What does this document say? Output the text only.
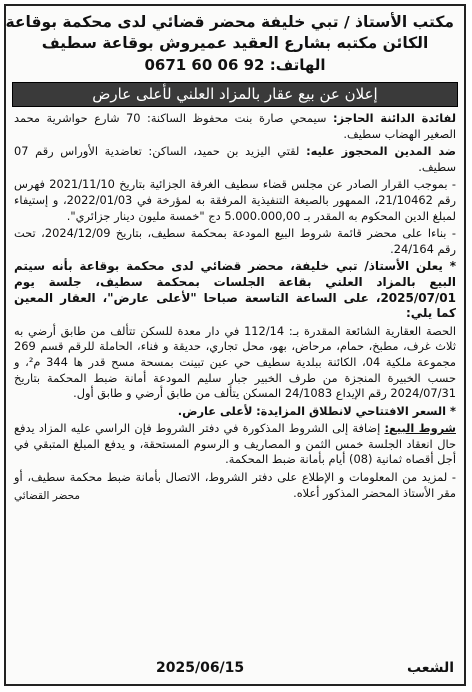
مكتب الأستاذ / تبي خليفة محضر قضائي لدى محكمة بوقاعة
الكائن مكتبه بشارع العقيد عميروش بوقاعة سطيف
الهاتف: 0671 60 06 92
إعلان عن بيع عقار بالمزاد العلني لأعلى عارض

لفائدة الدائنة الحاجز: سيمحي صارة بنت محفوظ الساكنة: 70 شارع حواشرية محمد الصغير الهضاب سطيف.

ضد المدين المحجوز عليه: لقتي اليزيد بن حميد، الساكن: تعاضدية الأوراس رقم 07 سطيف.

- بموجب القرار الصادر عن مجلس قضاء سطيف الغرفة الجزائية بتاريخ 2021/11/10 فهرس رقم 21/10462، الممهور بالصيغة التنفيذية المرفقة به لمؤرخة في 2022/01/03، و إستيفاء لمبلغ الدين المحكوم به المقدر بـ 5.000.000,00 دج "خمسة مليون دينار جزائري".

- بناءا على محضر قائمة شروط البيع المودعة بمحكمة سطيف، بتاريخ 2024/12/09، تحت رقم 24/164.

* يعلن الأستاذ/ تبي خليفة، محضر قضائي لدى محكمة بوقاعة بأنه سيتم البيع بالمزاد العلني بقاعة الجلسات بمحكمة سطيف، جلسة يوم 2025/07/01، على الساعة التاسعة صباحا "لأعلى عارض"، العقار المعين كما يلي:

الحصة العقارية الشائعة المقدرة بـ: 112/14 في دار معدة للسكن تتألف من طابق أرضي به ثلاث غرف، مطبخ، حمام، مرحاض، بهو، محل تجاري، حديقة و فناء، الحاملة للرقم قسم 269 مجموعة ملكية 04، الكائنة ببلدية سطيف حي عين تبينت بمسحة مسح قدر ها 344 م²، و حسب الخبيرة المنجزة من طرف الخبير جبار سليم المودعة أمانة ضبط المحكمة بتاريخ 2024/07/31 رقم الإيداع 24/1083 المسكن يتألف من طابق أرضي و طابق أول.

* السعر الافتتاحي لانطلاق المزايدة: لأعلى عارض.

شروط البيع: إضافة إلى الشروط المذكورة في دفتر الشروط فإن الراسي عليه المزاد يدفع حال انعقاد الجلسة خمس الثمن و المصاريف و الرسوم المستحقة، و يدفع المبلغ المتبقي في أجل أقصاه ثمانية (08) أيام بأمانة ضبط المحكمة.

- لمزيد من المعلومات و الإطلاع على دفتر الشروط، الاتصال بأمانة ضبط محكمة سطيف، أو مقر الأستاذ المحضر المذكور أعلاه.

محضر القضائي
الشعب
2025/06/15
